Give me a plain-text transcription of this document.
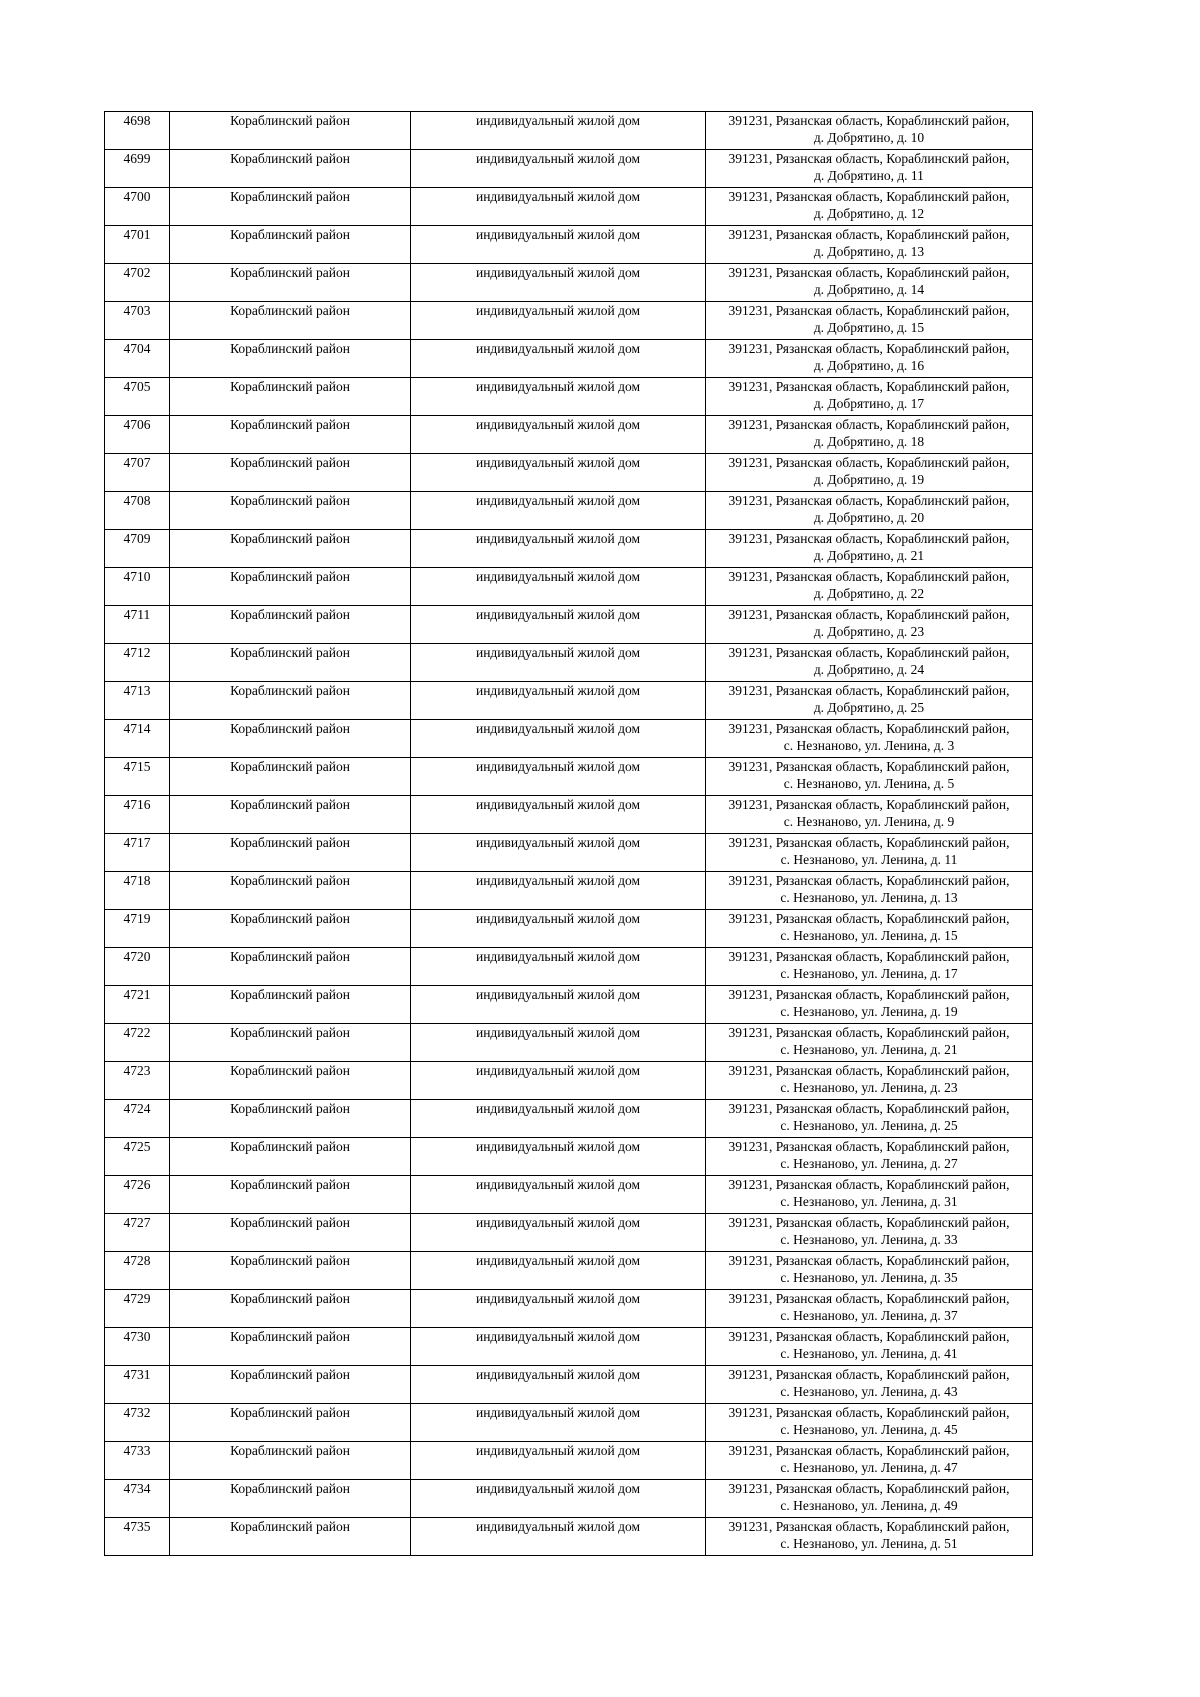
4698	Кораблинский район	индивидуальный жилой дом	391231, Рязанская область, Кораблинский район,
д. Добрятино, д. 10

4699	Кораблинский район	индивидуальный жилой дом	391231, Рязанская область, Кораблинский район,
д. Добрятино, д. 11

4700	Кораблинский район	индивидуальный жилой дом	391231, Рязанская область, Кораблинский район,
д. Добрятино, д. 12

4701	Кораблинский район	индивидуальный жилой дом	391231, Рязанская область, Кораблинский район,
д. Добрятино, д. 13

4702	Кораблинский район	индивидуальный жилой дом	391231, Рязанская область, Кораблинский район,
д. Добрятино, д. 14

4703	Кораблинский район	индивидуальный жилой дом	391231, Рязанская область, Кораблинский район,
д. Добрятино, д. 15

4704	Кораблинский район	индивидуальный жилой дом	391231, Рязанская область, Кораблинский район,
д. Добрятино, д. 16

4705	Кораблинский район	индивидуальный жилой дом	391231, Рязанская область, Кораблинский район,
д. Добрятино, д. 17

4706	Кораблинский район	индивидуальный жилой дом	391231, Рязанская область, Кораблинский район,
д. Добрятино, д. 18

4707	Кораблинский район	индивидуальный жилой дом	391231, Рязанская область, Кораблинский район,
д. Добрятино, д. 19

4708	Кораблинский район	индивидуальный жилой дом	391231, Рязанская область, Кораблинский район,
д. Добрятино, д. 20

4709	Кораблинский район	индивидуальный жилой дом	391231, Рязанская область, Кораблинский район,
д. Добрятино, д. 21

4710	Кораблинский район	индивидуальный жилой дом	391231, Рязанская область, Кораблинский район,
д. Добрятино, д. 22

4711	Кораблинский район	индивидуальный жилой дом	391231, Рязанская область, Кораблинский район,
д. Добрятино, д. 23

4712	Кораблинский район	индивидуальный жилой дом	391231, Рязанская область, Кораблинский район,
д. Добрятино, д. 24

4713	Кораблинский район	индивидуальный жилой дом	391231, Рязанская область, Кораблинский район,
д. Добрятино, д. 25

4714	Кораблинский район	индивидуальный жилой дом	391231, Рязанская область, Кораблинский район,
с. Незнаново, ул. Ленина, д. 3

4715	Кораблинский район	индивидуальный жилой дом	391231, Рязанская область, Кораблинский район,
с. Незнаново, ул. Ленина, д. 5

4716	Кораблинский район	индивидуальный жилой дом	391231, Рязанская область, Кораблинский район,
с. Незнаново, ул. Ленина, д. 9

4717	Кораблинский район	индивидуальный жилой дом	391231, Рязанская область, Кораблинский район,
с. Незнаново, ул. Ленина, д. 11

4718	Кораблинский район	индивидуальный жилой дом	391231, Рязанская область, Кораблинский район,
с. Незнаново, ул. Ленина, д. 13

4719	Кораблинский район	индивидуальный жилой дом	391231, Рязанская область, Кораблинский район,
с. Незнаново, ул. Ленина, д. 15

4720	Кораблинский район	индивидуальный жилой дом	391231, Рязанская область, Кораблинский район,
с. Незнаново, ул. Ленина, д. 17

4721	Кораблинский район	индивидуальный жилой дом	391231, Рязанская область, Кораблинский район,
с. Незнаново, ул. Ленина, д. 19

4722	Кораблинский район	индивидуальный жилой дом	391231, Рязанская область, Кораблинский район,
с. Незнаново, ул. Ленина, д. 21

4723	Кораблинский район	индивидуальный жилой дом	391231, Рязанская область, Кораблинский район,
с. Незнаново, ул. Ленина, д. 23

4724	Кораблинский район	индивидуальный жилой дом	391231, Рязанская область, Кораблинский район,
с. Незнаново, ул. Ленина, д. 25

4725	Кораблинский район	индивидуальный жилой дом	391231, Рязанская область, Кораблинский район,
с. Незнаново, ул. Ленина, д. 27

4726	Кораблинский район	индивидуальный жилой дом	391231, Рязанская область, Кораблинский район,
с. Незнаново, ул. Ленина, д. 31

4727	Кораблинский район	индивидуальный жилой дом	391231, Рязанская область, Кораблинский район,
с. Незнаново, ул. Ленина, д. 33

4728	Кораблинский район	индивидуальный жилой дом	391231, Рязанская область, Кораблинский район,
с. Незнаново, ул. Ленина, д. 35

4729	Кораблинский район	индивидуальный жилой дом	391231, Рязанская область, Кораблинский район,
с. Незнаново, ул. Ленина, д. 37

4730	Кораблинский район	индивидуальный жилой дом	391231, Рязанская область, Кораблинский район,
с. Незнаново, ул. Ленина, д. 41

4731	Кораблинский район	индивидуальный жилой дом	391231, Рязанская область, Кораблинский район,
с. Незнаново, ул. Ленина, д. 43

4732	Кораблинский район	индивидуальный жилой дом	391231, Рязанская область, Кораблинский район,
с. Незнаново, ул. Ленина, д. 45

4733	Кораблинский район	индивидуальный жилой дом	391231, Рязанская область, Кораблинский район,
с. Незнаново, ул. Ленина, д. 47

4734	Кораблинский район	индивидуальный жилой дом	391231, Рязанская область, Кораблинский район,
с. Незнаново, ул. Ленина, д. 49

4735	Кораблинский район	индивидуальный жилой дом	391231, Рязанская область, Кораблинский район,
с. Незнаново, ул. Ленина, д. 51
